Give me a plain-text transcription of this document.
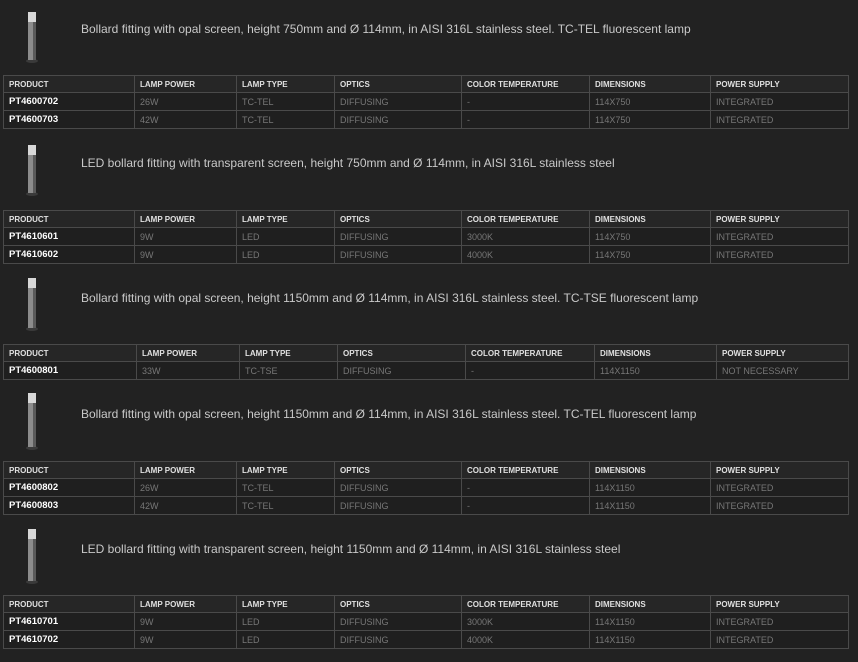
Bollard fitting with opal screen, height 750mm and Ø 114mm, in AISI 316L stainless steel. TC-TEL fluorescent lamp
PRODUCT	LAMP POWER	LAMP TYPE	OPTICS	COLOR TEMPERATURE	DIMENSIONS	POWER SUPPLY
PT4600702	26W	TC-TEL	DIFFUSING	-	114X750	INTEGRATED
PT4600703	42W	TC-TEL	DIFFUSING	-	114X750	INTEGRATED
LED bollard fitting with transparent screen, height 750mm and Ø 114mm, in AISI 316L stainless steel
PRODUCT	LAMP POWER	LAMP TYPE	OPTICS	COLOR TEMPERATURE	DIMENSIONS	POWER SUPPLY
PT4610601	9W	LED	DIFFUSING	3000K	114X750	INTEGRATED
PT4610602	9W	LED	DIFFUSING	4000K	114X750	INTEGRATED
Bollard fitting with opal screen, height 1150mm and Ø 114mm, in AISI 316L stainless steel. TC-TSE fluorescent lamp
PRODUCT	LAMP POWER	LAMP TYPE	OPTICS	COLOR TEMPERATURE	DIMENSIONS	POWER SUPPLY
PT4600801	33W	TC-TSE	DIFFUSING	-	114X1150	NOT NECESSARY
Bollard fitting with opal screen, height 1150mm and Ø 114mm, in AISI 316L stainless steel. TC-TEL fluorescent lamp
PRODUCT	LAMP POWER	LAMP TYPE	OPTICS	COLOR TEMPERATURE	DIMENSIONS	POWER SUPPLY
PT4600802	26W	TC-TEL	DIFFUSING	-	114X1150	INTEGRATED
PT4600803	42W	TC-TEL	DIFFUSING	-	114X1150	INTEGRATED
LED bollard fitting with transparent screen, height 1150mm and Ø 114mm, in AISI 316L stainless steel
PRODUCT	LAMP POWER	LAMP TYPE	OPTICS	COLOR TEMPERATURE	DIMENSIONS	POWER SUPPLY
PT4610701	9W	LED	DIFFUSING	3000K	114X1150	INTEGRATED
PT4610702	9W	LED	DIFFUSING	4000K	114X1150	INTEGRATED
